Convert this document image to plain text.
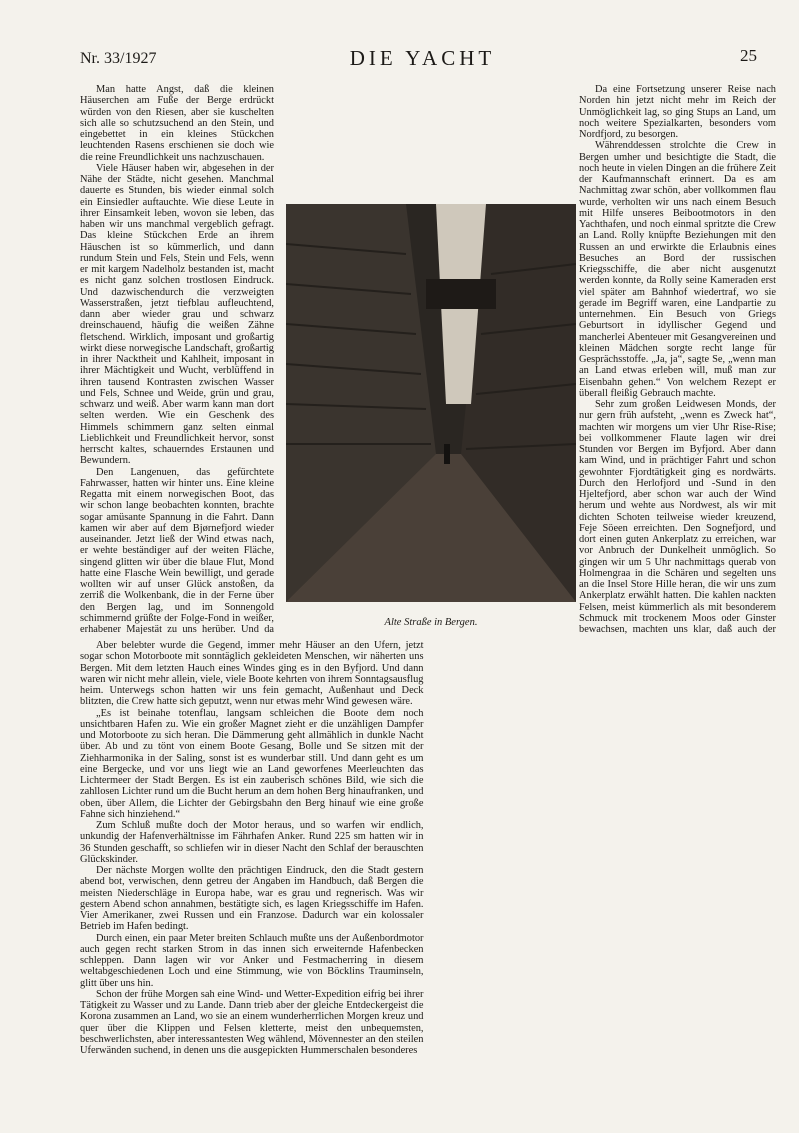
Nr. 33/1927	DIE YACHT	25

Man hatte Angst, daß die kleinen Häuserchen am Fuße der Berge erdrückt würden von den Riesen, aber sie kuschelten sich alle so schutzsuchend an den Stein, und eingebettet in ein kleines Stückchen leuchtenden Rasens erschienen sie doch wie die reine Freundlichkeit uns nachzuschauen.

Viele Häuser haben wir, abgesehen in der Nähe der Städte, nicht gesehen. Manchmal dauerte es Stunden, bis wieder einmal solch ein Einsiedler auftauchte. Wie diese Leute in ihrer Einsamkeit leben, wovon sie leben, das haben wir uns manchmal vergeblich gefragt. Das kleine Stückchen Erde an ihrem Häuschen ist so kümmerlich, und dann rundum Stein und Fels, Stein und Fels, wenn er mit kargem Nadelholz bestanden ist, macht es nicht ganz solchen trostlosen Eindruck. Und dazwischendurch die verzweigten Wasserstraßen, jetzt tiefblau aufleuchtend, dann aber wieder grau und schwarz dreinschauend, häufig die weißen Zähne fletschend. Wirklich, imposant und großartig wirkt diese norwegische Landschaft, großartig in ihrer Nacktheit und Kahlheit, imposant in ihrer Mächtigkeit und Wucht, verblüffend in ihren tausend Kontrasten zwischen Wasser und Fels, Schnee und Weide, grün und grau, schwarz und weiß. Aber warm kann man dort selten werden. Wie ein Geschenk des Himmels schimmern ganz selten einmal Lieblichkeit und Freundlichkeit hervor, sonst herrscht kaltes, schauerndes Erstaunen und Bewundern.

Den Langenuen, das gefürchtete Fahrwasser, hatten wir hinter uns. Eine kleine Regatta mit einem norwegischen Boot, das wir schon lange beobachten konnten, brachte sogar amüsante Spannung in die Fahrt. Dann kamen wir aber auf dem Bjørnefjord wieder auseinander. Jetzt ließ der Wind etwas nach, er wehte beständiger auf der weiten Fläche, singend glitten wir über die blaue Flut, Mond hatte eine Flasche Wein bewilligt, und gerade wollten wir auf unser Glück anstoßen, da zerriß die Wolkenbank, die in der Ferne über den Bergen lag, und im Sonnengold schimmernd grüßte der Folge-Fond in weißer, erhabener Majestät zu uns herüber. Und da

Da eine Fortsetzung unserer Reise nach Norden hin jetzt nicht mehr im Reich der Unmöglichkeit lag, so ging Stups an Land, um noch weitere Spezialkarten, besonders vom Nordfjord, zu besorgen.

Währenddessen strolchte die Crew in Bergen umher und besichtigte die Stadt, die noch heute in vielen Dingen an die frühere Zeit der Kaufmannschaft erinnert. Da es am Nachmittag zwar schön, aber vollkommen flau wurde, verholten wir uns nach einem Besuch mit Hilfe unseres Beibootmotors in den Yachthafen, und noch einmal spritzte die Crew an Land. Rolly knüpfte Beziehungen mit den Russen an und erwirkte die Erlaubnis eines Besuches an Bord der russischen Kriegsschiffe, die aber nicht ausgenutzt werden konnte, da Rolly seine Kameraden erst viel später am Bahnhof wiedertraf, wo sie gerade im Begriff waren, eine Landpartie zu unternehmen. Ein Besuch von Griegs Geburtsort in idyllischer Gegend und mancherlei Abenteuer mit Gesangvereinen und kleinen Mädchen sorgte recht lange für Gesprächsstoffe. „Ja, ja“, sagte Se, „wenn man an Land etwas erleben will, muß man zur Eisenbahn gehen.“ Von welchem Rezept er überall fleißig Gebrauch machte.

Sehr zum großen Leidwesen Monds, der nur gern früh aufsteht, „wenn es Zweck hat“, machten wir morgens um vier Uhr Rise-Rise; bei vollkommener Flaute lagen wir drei Stunden vor Bergen im Byfjord. Aber dann kam Wind, und in prächtiger Fahrt und schon gewohnter Fjordtätigkeit ging es nordwärts. Durch den Herlofjord und -Sund in den Hjeltefjord, aber schon war auch der Wind herum und wehte aus Nordwest, als wir mit dichten Schoten teilweise wieder kreuzend, Feje Söeen erreichten. Den Sognefjord, und dort einen guten Ankerplatz zu erreichen, war vor Anbruch der Dunkelheit unmöglich. So gingen wir um 5 Uhr nachmittags querab von Holmengraa in die Schären und segelten uns an die Insel Store Hille heran, die wir uns zum Ankerplatz erwählt hatten. Die kahlen nackten Felsen, meist kümmerlich als mit besonderem Schmuck mit trockenem Moos oder Ginster bewachsen, machten uns klar, daß auch der

Aber belebter wurde die Gegend, immer mehr Häuser an den Ufern, jetzt sogar schon Motorboote mit sonntäglich gekleideten Menschen, wir näherten uns Bergen. Mit dem letzten Hauch eines Windes ging es in den Byfjord. Und dann waren wir nicht mehr allein, viele, viele Boote kehrten von ihrem Sonntagsausflug heim. Unterwegs schon hatten wir uns fein gemacht, Außenhaut und Deck blitzten, die Crew hatte sich geputzt, wenn nur etwas mehr Wind gewesen wäre.

„Es ist beinahe totenflau, langsam schleichen die Boote dem noch unsichtbaren Hafen zu. Wie ein großer Magnet zieht er die unzähligen Dampfer und Motorboote zu sich heran. Die Dämmerung geht allmählich in dunkle Nacht über. Ab und zu tönt von einem Boote Gesang, Bolle und Se sitzen mit der Ziehharmonika in der Saling, sonst ist es wunderbar still. Und dann geht es um eine Bergecke, und vor uns liegt wie an Land geworfenes Meerleuchten das Lichtermeer der Stadt Bergen. Es ist ein zauberisch schönes Bild, wie sich die zahllosen Lichter rund um die Bucht herum an dem hohen Berg hinaufranken, und oben, über Allem, die Lichter der Gebirgsbahn den Berg hinauf wie eine große Fahne sich hinziehend.“

Zum Schluß mußte doch der Motor heraus, und so warfen wir endlich, unkundig der Hafenverhältnisse im Fährhafen Anker. Rund 225 sm hatten wir in 36 Stunden geschafft, so schliefen wir in dieser Nacht den Schlaf der berauschten Glückskinder.

Der nächste Morgen wollte den prächtigen Eindruck, den die Stadt gestern abend bot, verwischen, denn getreu der Angaben im Handbuch, daß Bergen die meisten Niederschläge in Europa habe, war es grau und regnerisch. Was wir gestern Abend schon annahmen, bestätigte sich, es lagen Kriegsschiffe im Hafen. Vier Amerikaner, zwei Russen und ein Franzose. Dadurch war ein kolossaler Betrieb im Hafen bedingt.

Durch einen, ein paar Meter breiten Schlauch mußte uns der Außenbordmotor auch gegen recht starken Strom in das innen sich erweiternde Hafenbecken schleppen. Dann lagen wir vor Anker und Festmacherring in diesem weltabgeschiedenen Loch und eine Stimmung, wie von Böcklins Trauminseln, glitt über uns hin.

Schon der frühe Morgen sah eine Wind- und Wetter-Expedition eifrig bei ihrer Tätigkeit zu Wasser und zu Lande. Dann trieb aber der gleiche Entdeckergeist die Korona zusammen an Land, wo sie an einem wunderherrlichen Morgen kreuz und quer über die Klippen und Felsen kletterte, meist den unbequemsten, beschwerlichsten, aber interessantesten Weg wählend, Mövennester an den steilen Uferwänden suchend, in denen uns die ausgepickten Hummerschalen besonderes

Alte Straße in Bergen.
